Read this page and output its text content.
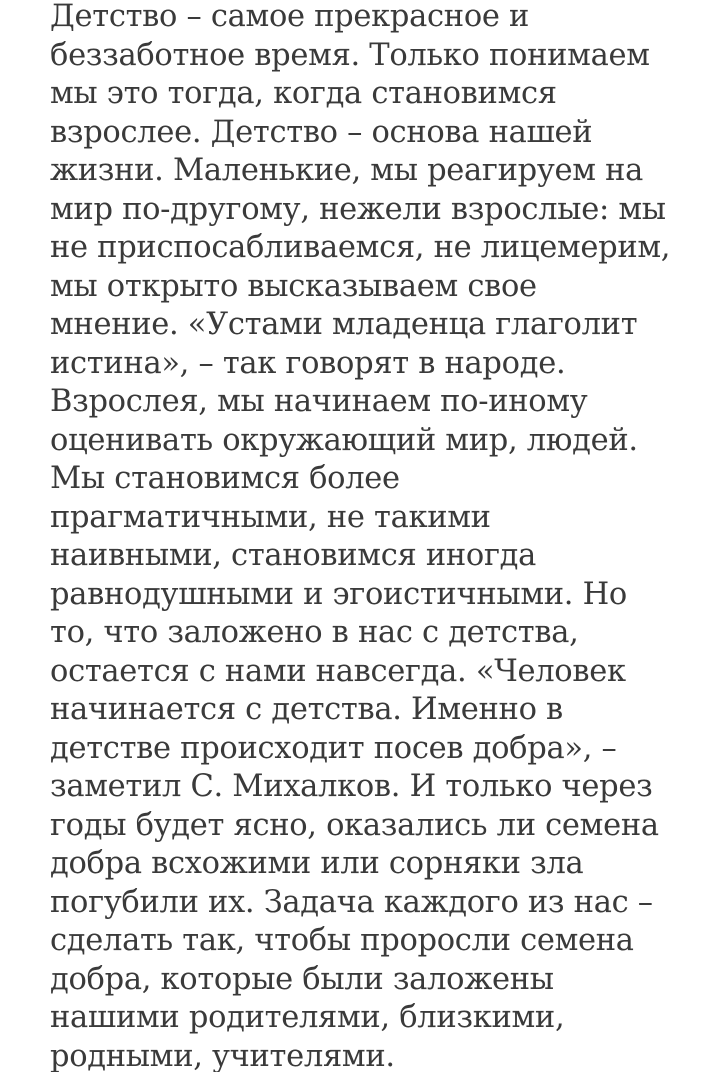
Детство – самое прекрасное и
беззаботное время. Только понимаем
мы это тогда, когда становимся
взрослее. Детство – основа нашей
жизни. Маленькие, мы реагируем на
мир по-другому, нежели взрослые: мы
не приспосабливаемся, не лицемерим,
мы открыто высказываем свое
мнение. «Устами младенца глаголит
истина», – так говорят в народе.
Взрослея, мы начинаем по-иному
оценивать окружающий мир, людей.
Мы становимся более
прагматичными, не такими
наивными, становимся иногда
равнодушными и эгоистичными. Но
то, что заложено в нас с детства,
остается с нами навсегда. «Человек
начинается с детства. Именно в
детстве происходит посев добра», –
заметил С. Михалков. И только через
годы будет ясно, оказались ли семена
добра всхожими или сорняки зла
погубили их. Задача каждого из нас –
сделать так, чтобы проросли семена
добра, которые были заложены
нашими родителями, близкими,
родными, учителями.
